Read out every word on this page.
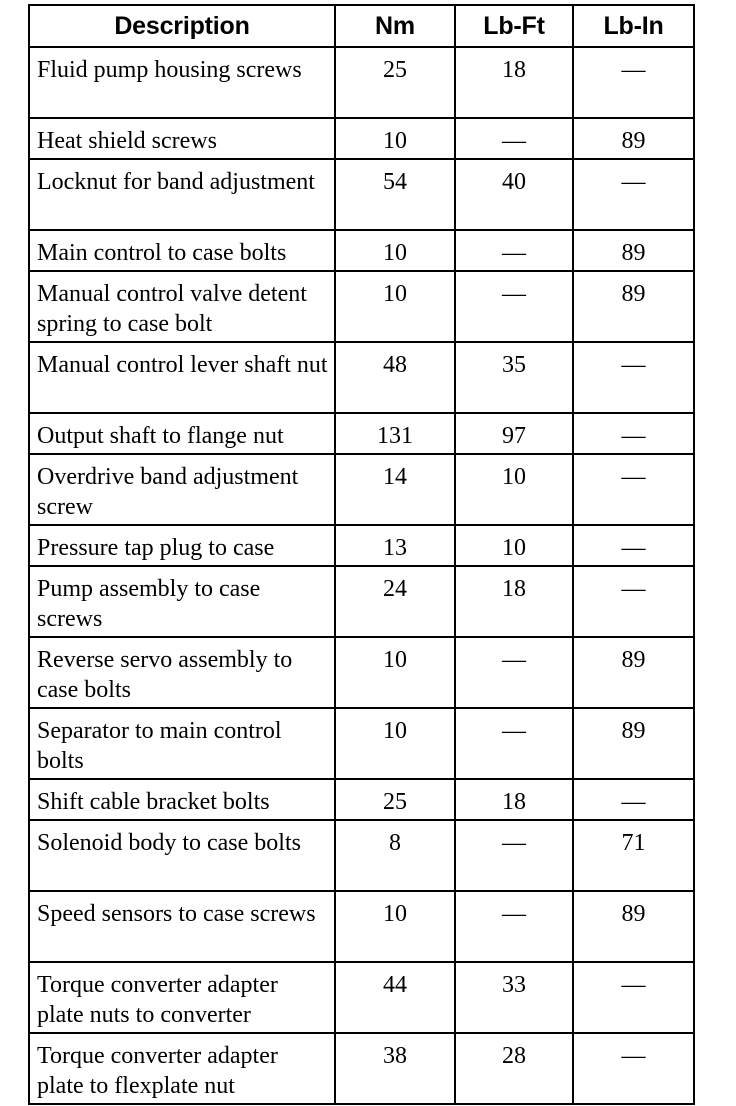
Description	Nm	Lb-Ft	Lb-In
Fluid pump housing screws	25	18	—
Heat shield screws	10	—	89
Locknut for band adjustment	54	40	—
Main control to case bolts	10	—	89
Manual control valve detent spring to case bolt	10	—	89
Manual control lever shaft nut	48	35	—
Output shaft to flange nut	131	97	—
Overdrive band adjustment screw	14	10	—
Pressure tap plug to case	13	10	—
Pump assembly to case screws	24	18	—
Reverse servo assembly to case bolts	10	—	89
Separator to main control bolts	10	—	89
Shift cable bracket bolts	25	18	—
Solenoid body to case bolts	8	—	71
Speed sensors to case screws	10	—	89
Torque converter adapter plate nuts to converter	44	33	—
Torque converter adapter plate to flexplate nut	38	28	—
